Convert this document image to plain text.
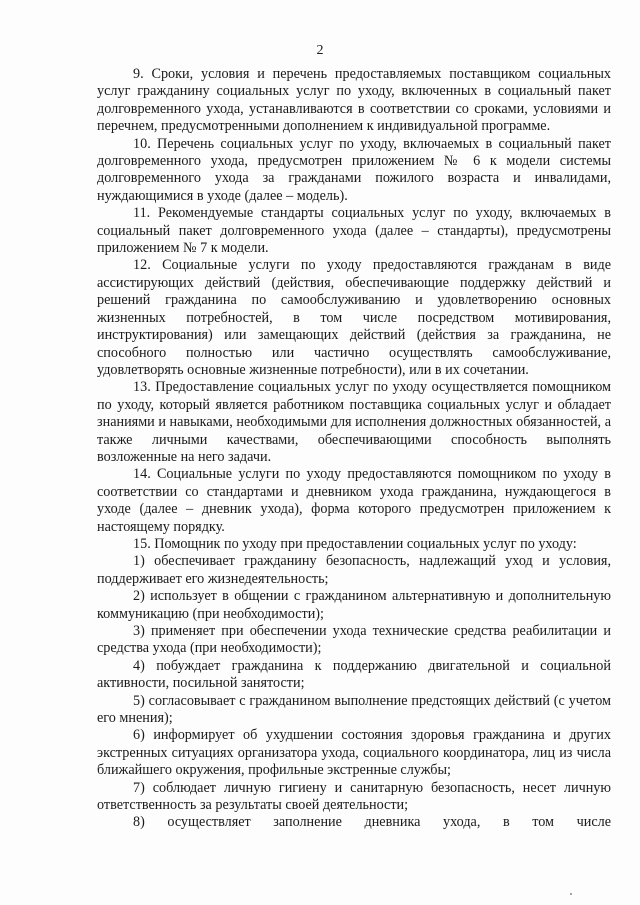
2

9. Сроки, условия и перечень предоставляемых поставщиком социальных услуг гражданину социальных услуг по уходу, включенных в социальный пакет долговременного ухода, устанавливаются в соответствии со сроками, условиями и перечнем, предусмотренными дополнением к индивидуальной программе.

10. Перечень социальных услуг по уходу, включаемых в социальный пакет долговременного ухода, предусмотрен приложением № 6 к модели системы долговременного ухода за гражданами пожилого возраста и инвалидами, нуждающимися в уходе (далее – модель).

11. Рекомендуемые стандарты социальных услуг по уходу, включаемых в социальный пакет долговременного ухода (далее – стандарты), предусмотрены приложением № 7 к модели.

12. Социальные услуги по уходу предоставляются гражданам в виде ассистирующих действий (действия, обеспечивающие поддержку действий и решений гражданина по самообслуживанию и удовлетворению основных жизненных потребностей, в том числе посредством мотивирования, инструктирования) или замещающих действий (действия за гражданина, не способного полностью или частично осуществлять самообслуживание, удовлетворять основные жизненные потребности), или в их сочетании.

13. Предоставление социальных услуг по уходу осуществляется помощником по уходу, который является работником поставщика социальных услуг и обладает знаниями и навыками, необходимыми для исполнения должностных обязанностей, а также личными качествами, обеспечивающими способность выполнять возложенные на него задачи.

14. Социальные услуги по уходу предоставляются помощником по уходу в соответствии со стандартами и дневником ухода гражданина, нуждающегося в уходе (далее – дневник ухода), форма которого предусмотрен приложением к настоящему порядку.

15. Помощник по уходу при предоставлении социальных услуг по уходу:

1) обеспечивает гражданину безопасность, надлежащий уход и условия, поддерживает его жизнедеятельность;

2) использует в общении с гражданином альтернативную и дополнительную коммуникацию (при необходимости);

3) применяет при обеспечении ухода технические средства реабилитации и средства ухода (при необходимости);

4) побуждает гражданина к поддержанию двигательной и социальной активности, посильной занятости;

5) согласовывает с гражданином выполнение предстоящих действий (с учетом его мнения);

6) информирует об ухудшении состояния здоровья гражданина и других экстренных ситуациях организатора ухода, социального координатора, лиц из числа ближайшего окружения, профильные экстренные службы;

7) соблюдает личную гигиену и санитарную безопасность, несет личную ответственность за результаты своей деятельности;

8) осуществляет заполнение дневника ухода, в том числе
